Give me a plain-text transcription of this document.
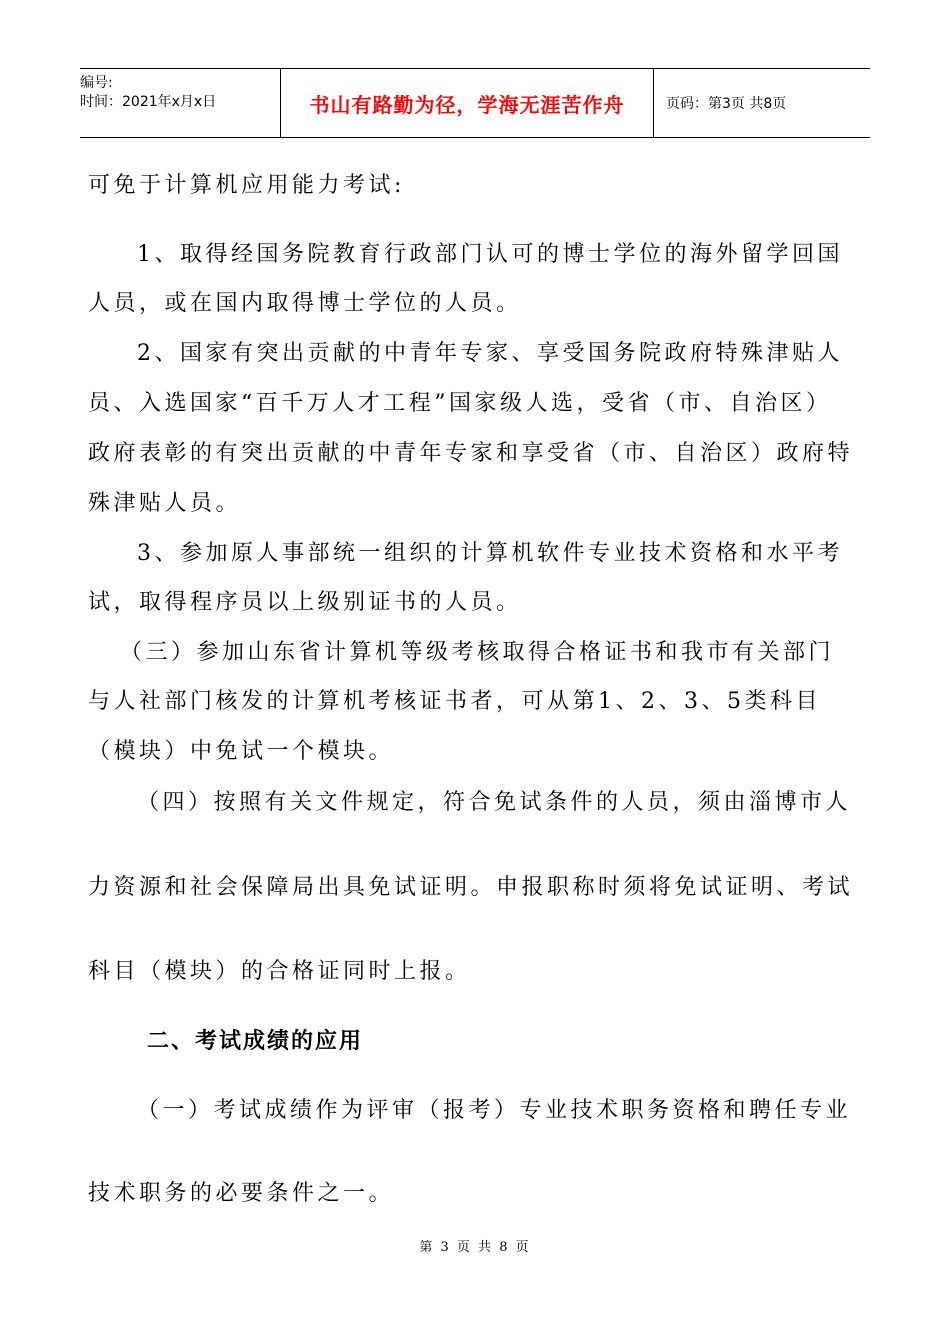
编号:
时间：2021年x月x日	书山有路勤为径，学海无涯苦作舟	页码：第3页 共8页

可免于计算机应用能力考试:

1、取得经国务院教育行政部门认可的博士学位的海外留学回国

人员，或在国内取得博士学位的人员。

2、国家有突出贡献的中青年专家、享受国务院政府特殊津贴人

员、入选国家“百千万人才工程”国家级人选，受省（市、自治区）

政府表彰的有突出贡献的中青年专家和享受省（市、自治区）政府特

殊津贴人员。

3、参加原人事部统一组织的计算机软件专业技术资格和水平考

试，取得程序员以上级别证书的人员。

（三）参加山东省计算机等级考核取得合格证书和我市有关部门

与人社部门核发的计算机考核证书者，可从第1、2、3、5类科目

（模块）中免试一个模块。

（四）按照有关文件规定，符合免试条件的人员，须由淄博市人

力资源和社会保障局出具免试证明。申报职称时须将免试证明、考试

科目（模块）的合格证同时上报。

二、考试成绩的应用

（一）考试成绩作为评审（报考）专业技术职务资格和聘任专业

技术职务的必要条件之一。

第 3 页 共 8 页
